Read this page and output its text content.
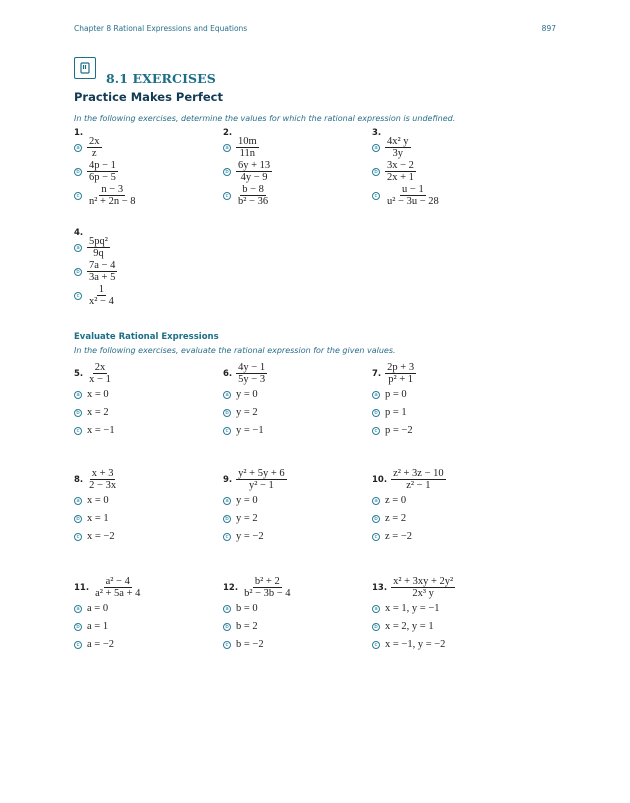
Chapter 8 Rational Expressions and Equations	897
8.1 EXERCISES
Practice Makes Perfect
In the following exercises, determine the values for which the rational expression is undefined.
1.
a $\frac{2x}{z}$
b $\frac{4p - 1}{6p - 5}$
c $\frac{n - 3}{\text{n² + 2n − 8}}$
2.
a $\frac{10m}{11n}$
b $\frac{6y + 13}{4y - 9}$
c $\frac{b - 8}{\text{b² − 36}}$
3.
a $\frac{\text{4x² y}}{3y}$
b $\frac{3x - 2}{2x + 1}$
c $\frac{u - 1}{\text{u² − 3u − 28}}$
4.
a $\frac{\text{5pq²}}{9q}$
b $\frac{7a - 4}{3a + 5}$
c $\frac{1}{\text{x² − 4}}$
Evaluate Rational Expressions
In the following exercises, evaluate the rational expression for the given values.
5. $\frac{2x}{x - 1}$
a x = 0
b x = 2
c x = −1
6. $\frac{4y - 1}{5y - 3}$
a y = 0
b y = 2
c y = −1
7. $\frac{2p + 3}{\text{p² + 1}}$
a p = 0
b p = 1
c p = −2
8. $\frac{x + 3}{2 - 3x}$
a x = 0
b x = 1
c x = −2
9. $\frac{\text{y² + 5y + 6}}{\text{y² − 1}}$
a y = 0
b y = 2
c y = −2
10. $\frac{\text{z² + 3z − 10}}{\text{z² − 1}}$
a z = 0
b z = 2
c z = −2
11. $\frac{\text{a² − 4}}{\text{a² + 5a + 4}}$
a a = 0
b a = 1
c a = −2
12. $\frac{\text{b² + 2}}{\text{b² − 3b − 4}}$
a b = 0
b b = 2
c b = −2
13. $\frac{\text{x² + 3xy + 2y²}}{\text{2x³ y}}$
a x = 1, y = −1
b x = 2, y = 1
c x = −1, y = −2
